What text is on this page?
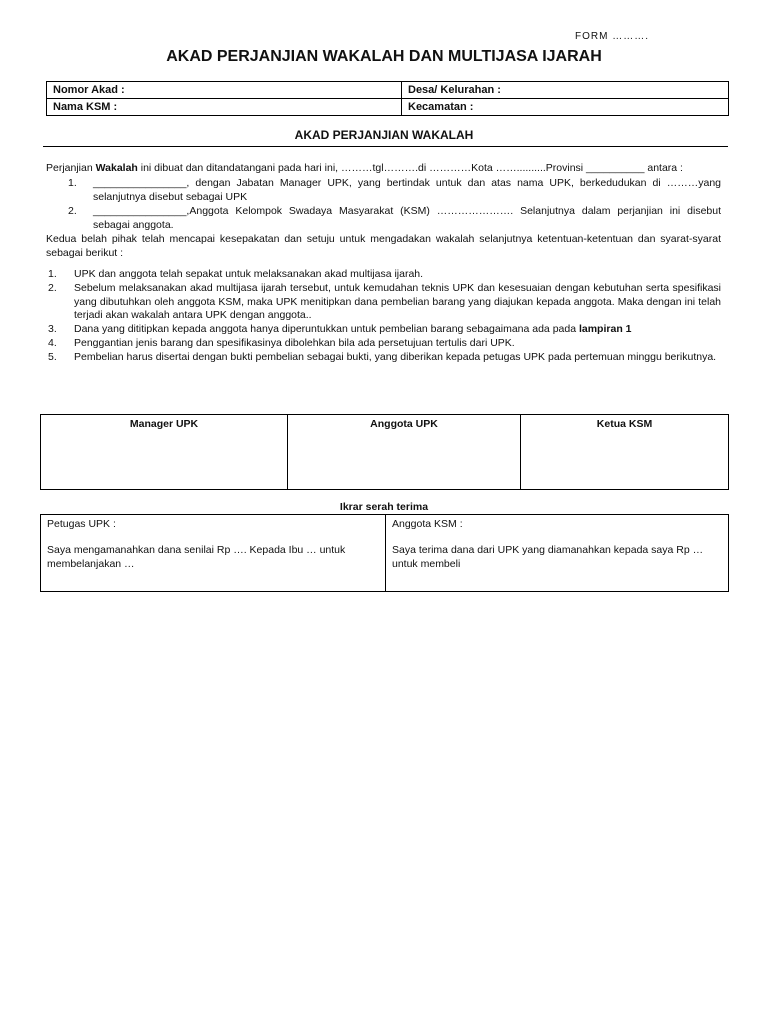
FORM ……….
AKAD PERJANJIAN WAKALAH DAN MULTIJASA IJARAH
Nomor Akad :	Desa/ Kelurahan :
Nama KSM :	Kecamatan :
AKAD PERJANJIAN WAKALAH
Perjanjian Wakalah ini dibuat dan ditandatangani pada hari ini, ………tgl……….di …………Kota ……..........Provinsi __________ antara :
1. ________________, dengan Jabatan Manager UPK, yang bertindak untuk dan atas nama UPK, berkedudukan di ………yang selanjutnya disebut sebagai UPK
2. ________________,Anggota Kelompok Swadaya Masyarakat (KSM) …………………. Selanjutnya dalam perjanjian ini disebut sebagai anggota.
Kedua belah pihak telah mencapai kesepakatan dan setuju untuk mengadakan wakalah selanjutnya ketentuan-ketentuan dan syarat-syarat sebagai berikut :
1. UPK dan anggota telah sepakat untuk melaksanakan akad multijasa ijarah.
2. Sebelum melaksanakan akad multijasa ijarah tersebut, untuk kemudahan teknis UPK dan kesesuaian dengan kebutuhan serta spesifikasi yang dibutuhkan oleh anggota KSM, maka UPK menitipkan dana pembelian barang yang diajukan kepada anggota. Maka dengan ini telah terjadi akan wakalah antara UPK dengan anggota..
3. Dana yang dititipkan kepada anggota hanya diperuntukkan untuk pembelian barang sebagaimana ada pada lampiran 1
4. Penggantian jenis barang dan spesifikasinya dibolehkan bila ada persetujuan tertulis dari UPK.
5. Pembelian harus disertai dengan bukti pembelian sebagai bukti, yang diberikan kepada petugas UPK pada pertemuan minggu berikutnya.
Manager UPK	Anggota UPK	Ketua KSM
Ikrar serah terima
Petugas UPK :
Saya mengamanahkan dana senilai Rp …. Kepada Ibu … untuk membelanjakan …

Anggota KSM :
Saya terima dana dari UPK yang diamanahkan kepada saya Rp … untuk membeli
